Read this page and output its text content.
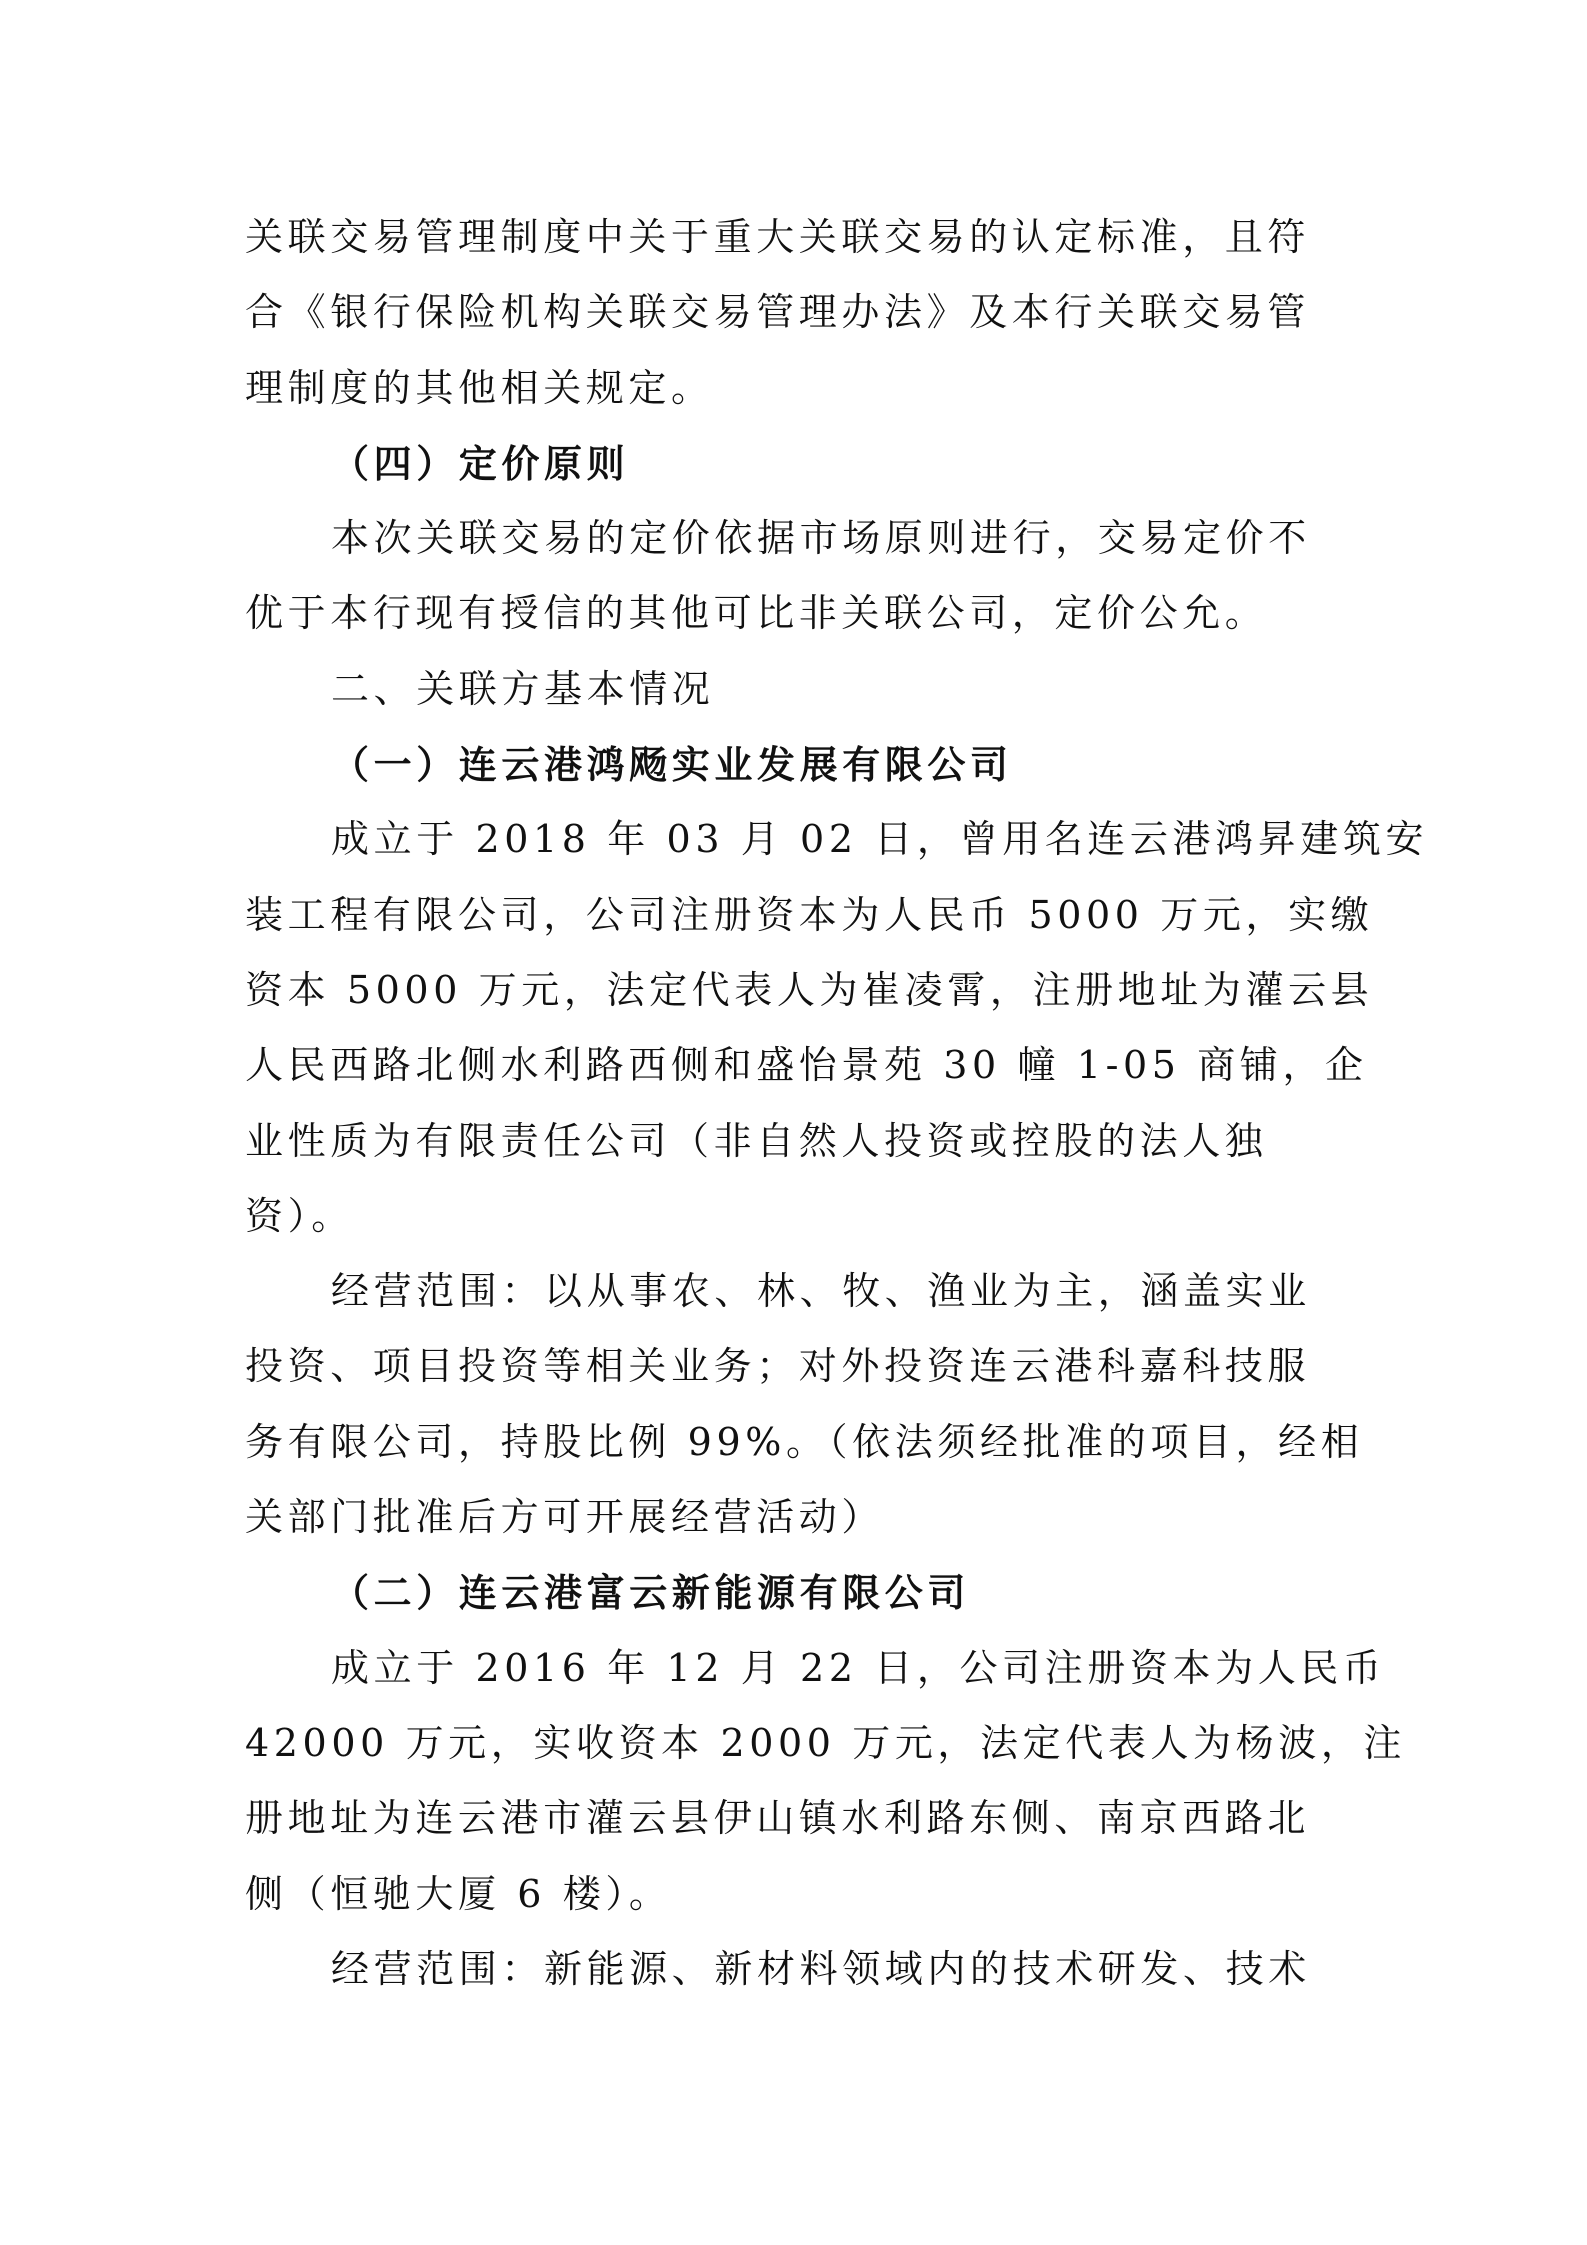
关联交易管理制度中关于重大关联交易的认定标准，且符
合《银行保险机构关联交易管理办法》及本行关联交易管
理制度的其他相关规定。
（四）定价原则
本次关联交易的定价依据市场原则进行，交易定价不
优于本行现有授信的其他可比非关联公司，定价公允。
二、关联方基本情况
（一）连云港鸿飏实业发展有限公司
成立于 2018 年 03 月 02 日，曾用名连云港鸿昇建筑安
装工程有限公司，公司注册资本为人民币 5000 万元，实缴
资本 5000 万元，法定代表人为崔凌霄，注册地址为灌云县
人民西路北侧水利路西侧和盛怡景苑 30 幢 1-05 商铺，企
业性质为有限责任公司（非自然人投资或控股的法人独
资）。
经营范围：以从事农、林、牧、渔业为主，涵盖实业
投资、项目投资等相关业务；对外投资连云港科嘉科技服
务有限公司，持股比例 99%。（依法须经批准的项目，经相
关部门批准后方可开展经营活动）
（二）连云港富云新能源有限公司
成立于 2016 年 12 月 22 日，公司注册资本为人民币
42000 万元，实收资本 2000 万元，法定代表人为杨波，注
册地址为连云港市灌云县伊山镇水利路东侧、南京西路北
侧（恒驰大厦 6 楼）。
经营范围：新能源、新材料领域内的技术研发、技术
